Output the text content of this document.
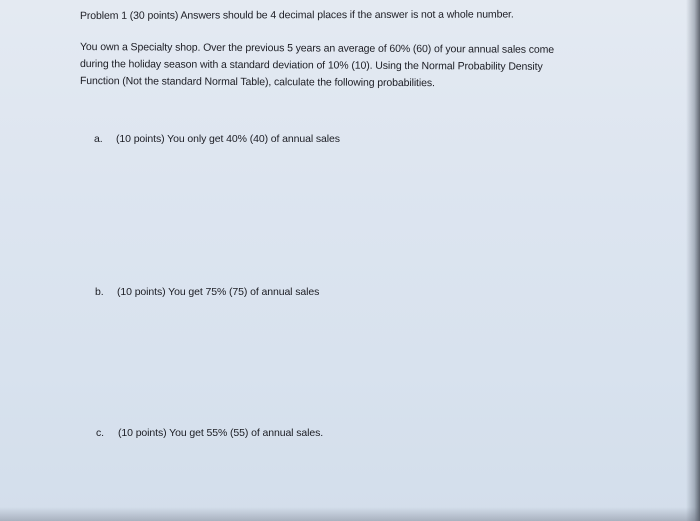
Problem 1 (30 points) Answers should be 4 decimal places if the answer is not a whole number.

You own a Specialty shop. Over the previous 5 years an average of 60% (60) of your annual sales come

during the holiday season with a standard deviation of 10% (10). Using the Normal Probability Density

Function (Not the standard Normal Table), calculate the following probabilities.

a. (10 points) You only get 40% (40) of annual sales

b. (10 points) You get 75% (75) of annual sales

c. (10 points) You get 55% (55) of annual sales.
